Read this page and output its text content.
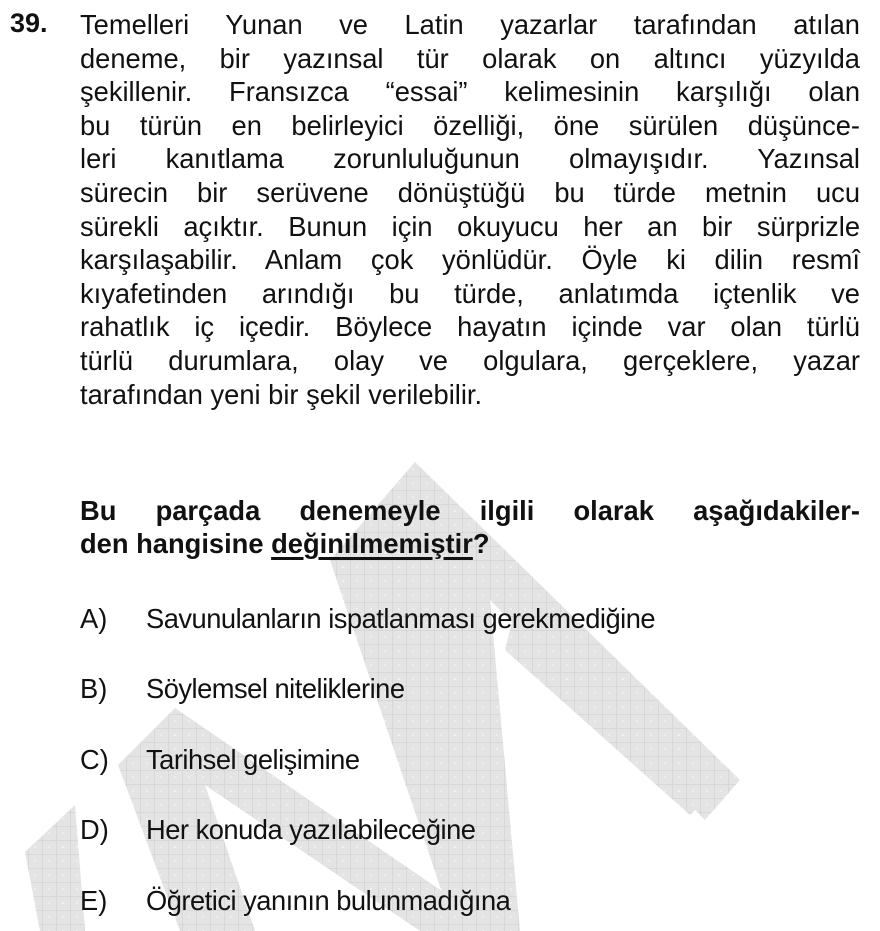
39. Temelleri Yunan ve Latin yazarlar tarafından atılan
deneme, bir yazınsal tür olarak on altıncı yüzyılda
şekillenir. Fransızca “essai” kelimesinin karşılığı olan
bu türün en belirleyici özelliği, öne sürülen düşünce-
leri kanıtlama zorunluluğunun olmayışıdır. Yazınsal
sürecin bir serüvene dönüştüğü bu türde metnin ucu
sürekli açıktır. Bunun için okuyucu her an bir sürprizle
karşılaşabilir. Anlam çok yönlüdür. Öyle ki dilin resmî
kıyafetinden arındığı bu türde, anlatımda içtenlik ve
rahatlık iç içedir. Böylece hayatın içinde var olan türlü
türlü durumlara, olay ve olgulara, gerçeklere, yazar
tarafından yeni bir şekil verilebilir.
Bu parçada denemeyle ilgili olarak aşağıdakiler-
den hangisine değinilmemiştir?
A)	Savunulanların ispatlanması gerekmediğine
B)	Söylemsel niteliklerine
C)	Tarihsel gelişimine
D)	Her konuda yazılabileceğine
E)	Öğretici yanının bulunmadığına
